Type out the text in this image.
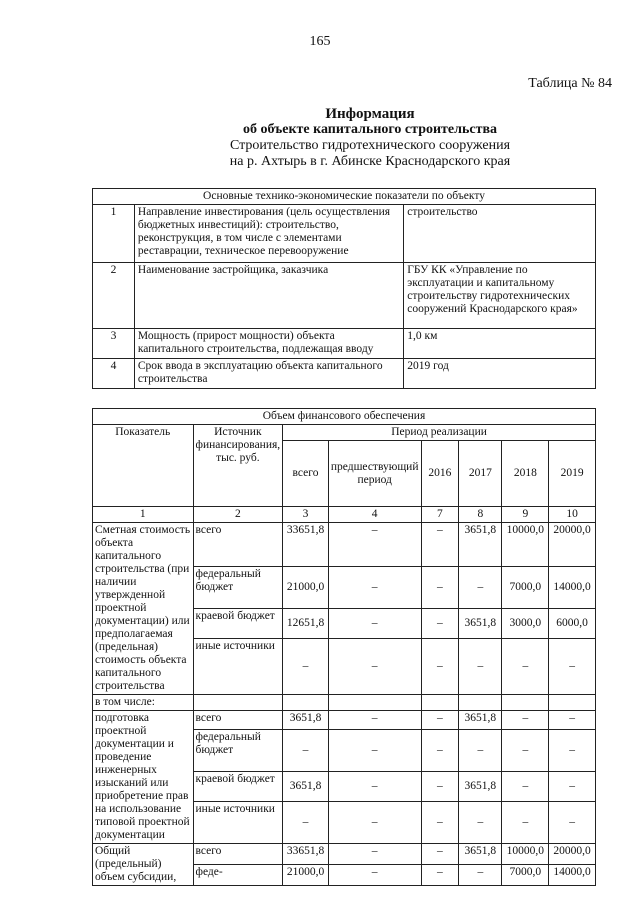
165
Таблица № 84
Информация
об объекте капитального строительства
Строительство гидротехнического сооружения
на р. Ахтырь в г. Абинске Краснодарского края
Основные технико-экономические показатели по объекту		
1	Направление инвестирования (цель осуществления бюджетных инвестиций): строительство, реконструкция, в том числе с элементами реставрации, техническое перевооружение	строительство
2	Наименование застройщика, заказчика	ГБУ КК «Управление по эксплуатации и капитальному строительству гидротехнических сооружений Краснодарского края»
3	Мощность (прирост мощности) объекта капитального строительства, подлежащая вводу	1,0 км
4	Срок ввода в эксплуатацию объекта капитального строительства	2019 год
Объем финансового обеспечения							
Показатель	Источник финансирования, тыс. руб.	Период реализации					
		всего	предшествующий период	2016	2017	2018	2019
1	2	3	4	7	8	9	10
Сметная стоимость объекта капитального строительства (при наличии утвержденной проектной документации) или предполагаемая (предельная) стоимость объекта капитального строительства	всего	33651,8	–	–	3651,8	10000,0	20000,0
	федеральный бюджет	21000,0	–	–	–	7000,0	14000,0
	краевой бюджет	12651,8	–	–	3651,8	3000,0	6000,0
	иные источники	–	–	–	–	–	–
в том числе:							
подготовка проектной документации и проведение инженерных изысканий или приобретение прав на использование типовой проектной документации	всего	3651,8	–	–	3651,8	–	–
	федеральный бюджет	–	–	–	–	–	–
	краевой бюджет	3651,8	–	–	3651,8	–	–
	иные источники	–	–	–	–	–	–
Общий (предельный) объем субсидии,	всего	33651,8	–	–	3651,8	10000,0	20000,0
	феде-	21000,0	–	–	–	7000,0	14000,0
